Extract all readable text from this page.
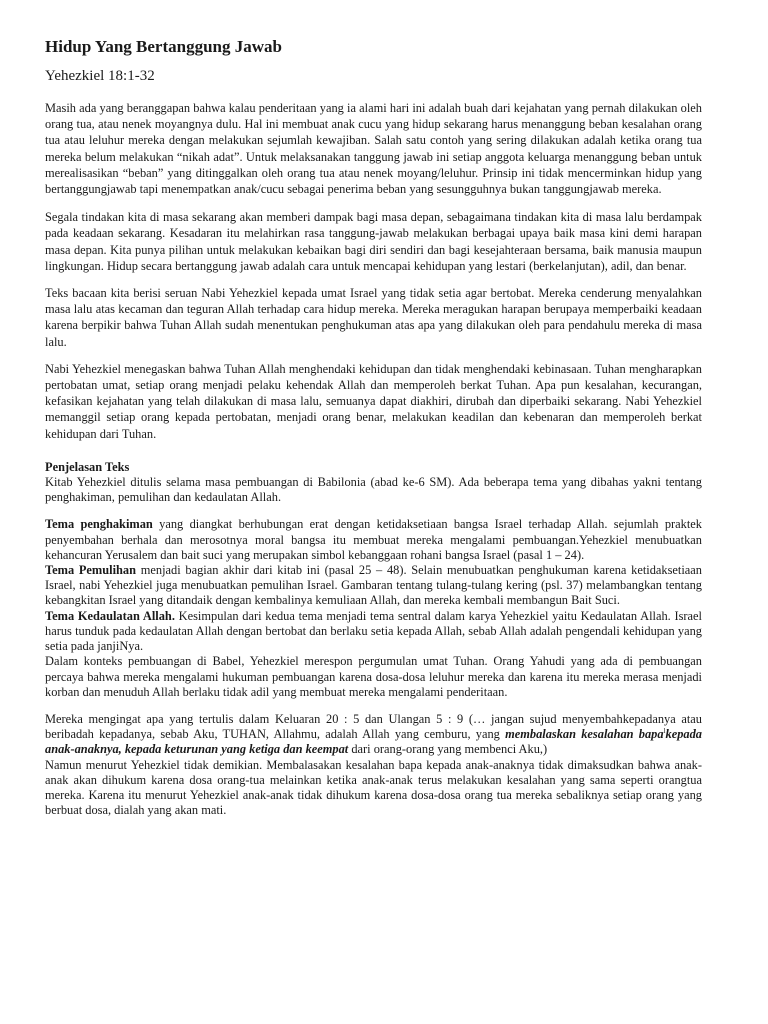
Hidup Yang Bertanggung Jawab

Yehezkiel 18:1-32

Masih ada yang beranggapan bahwa kalau penderitaan yang ia alami hari ini adalah buah dari kejahatan yang pernah dilakukan oleh orang tua, atau nenek moyangnya dulu. Hal ini membuat anak cucu yang hidup sekarang harus menanggung beban kesalahan orang tua atau leluhur mereka dengan melakukan sejumlah kewajiban. Salah satu contoh yang sering dilakukan adalah ketika orang tua mereka belum melakukan “nikah adat”. Untuk melaksanakan tanggung jawab ini setiap anggota keluarga menanggung beban untuk merealisasikan “beban” yang ditinggalkan oleh orang tua atau nenek moyang/leluhur. Prinsip ini tidak mencerminkan hidup yang bertanggungjawab tapi menempatkan anak/cucu sebagai penerima beban yang sesungguhnya bukan tanggungjawab mereka.

Segala tindakan kita di masa sekarang akan memberi dampak bagi masa depan, sebagaimana tindakan kita di masa lalu berdampak pada keadaan sekarang. Kesadaran itu melahirkan rasa tanggung-jawab melakukan berbagai upaya baik masa kini demi harapan masa depan. Kita punya pilihan untuk melakukan kebaikan bagi diri sendiri dan bagi kesejahteraan bersama, baik manusia maupun lingkungan. Hidup secara bertanggung jawab adalah cara untuk mencapai kehidupan yang lestari (berkelanjutan), adil, dan benar.

Teks bacaan kita berisi seruan Nabi Yehezkiel kepada umat Israel yang tidak setia agar bertobat. Mereka cenderung menyalahkan masa lalu atas kecaman dan teguran Allah terhadap cara hidup mereka. Mereka meragukan harapan berupaya memperbaiki keadaan karena berpikir bahwa Tuhan Allah sudah menentukan penghukuman atas apa yang dilakukan oleh para pendahulu mereka di masa lalu.

Nabi Yehezkiel menegaskan bahwa Tuhan Allah menghendaki kehidupan dan tidak menghendaki kebinasaan. Tuhan mengharapkan pertobatan umat, setiap orang menjadi pelaku kehendak Allah dan memperoleh berkat Tuhan. Apa pun kesalahan, kecurangan, kefasikan kejahatan yang telah dilakukan di masa lalu, semuanya dapat diakhiri, dirubah dan diperbaiki sekarang. Nabi Yehezkiel memanggil setiap orang kepada pertobatan, menjadi orang benar, melakukan keadilan dan kebenaran dan memperoleh berkat kehidupan dari Tuhan.

Penjelasan Teks

Kitab Yehezkiel ditulis selama masa pembuangan di Babilonia (abad ke-6 SM). Ada beberapa tema yang dibahas yakni tentang penghakiman, pemulihan dan kedaulatan Allah.

Tema penghakiman yang diangkat berhubungan erat dengan ketidaksetiaan bangsa Israel terhadap Allah. sejumlah praktek penyembahan berhala dan merosotnya moral bangsa itu membuat mereka mengalami pembuangan.Yehezkiel menubuatkan kehancuran Yerusalem dan bait suci yang merupakan simbol kebanggaan rohani bangsa Israel (pasal 1 – 24).

Tema Pemulihan menjadi bagian akhir dari kitab ini (pasal 25 – 48). Selain menubuatkan penghukuman karena ketidaksetiaan Israel, nabi Yehezkiel juga menubuatkan pemulihan Israel. Gambaran tentang tulang-tulang kering (psl. 37) melambangkan tentang kebangkitan Israel yang ditandaik dengan kembalinya kemuliaan Allah, dan mereka kembali membangun Bait Suci.

Tema Kedaulatan Allah. Kesimpulan dari kedua tema menjadi tema sentral dalam karya Yehezkiel yaitu Kedaulatan Allah. Israel harus tunduk pada kedaulatan Allah dengan bertobat dan berlaku setia kepada Allah, sebab Allah adalah pengendali kehidupan yang setia pada janjiNya.

Dalam konteks pembuangan di Babel, Yehezkiel merespon pergumulan umat Tuhan. Orang Yahudi yang ada di pembuangan percaya bahwa mereka mengalami hukuman pembuangan karena dosa-dosa leluhur mereka dan karena itu mereka merasa menjadi korban dan menuduh Allah berlaku tidak adil yang membuat mereka mengalami penderitaan.

Mereka mengingat apa yang tertulis dalam Keluaran 20 : 5 dan Ulangan 5 : 9 (… jangan sujud menyembahkepadanya atau beribadah kepadanya, sebab Aku, TUHAN, Allahmu, adalah Allah yang cemburu, yang membalaskan kesalahan bapa$^l$kepada anak-anaknya, kepada keturunan yang ketiga dan keempat dari orang-orang yang membenci Aku,)

Namun menurut Yehezkiel tidak demikian. Membalasakan kesalahan bapa kepada anak-anaknya tidak dimaksudkan bahwa anak-anak akan dihukum karena dosa orang-tua melainkan ketika anak-anak terus melakukan kesalahan yang sama seperti orangtua mereka. Karena itu menurut Yehezkiel anak-anak tidak dihukum karena dosa-dosa orang tua mereka sebaliknya setiap orang yang berbuat dosa, dialah yang akan mati.
